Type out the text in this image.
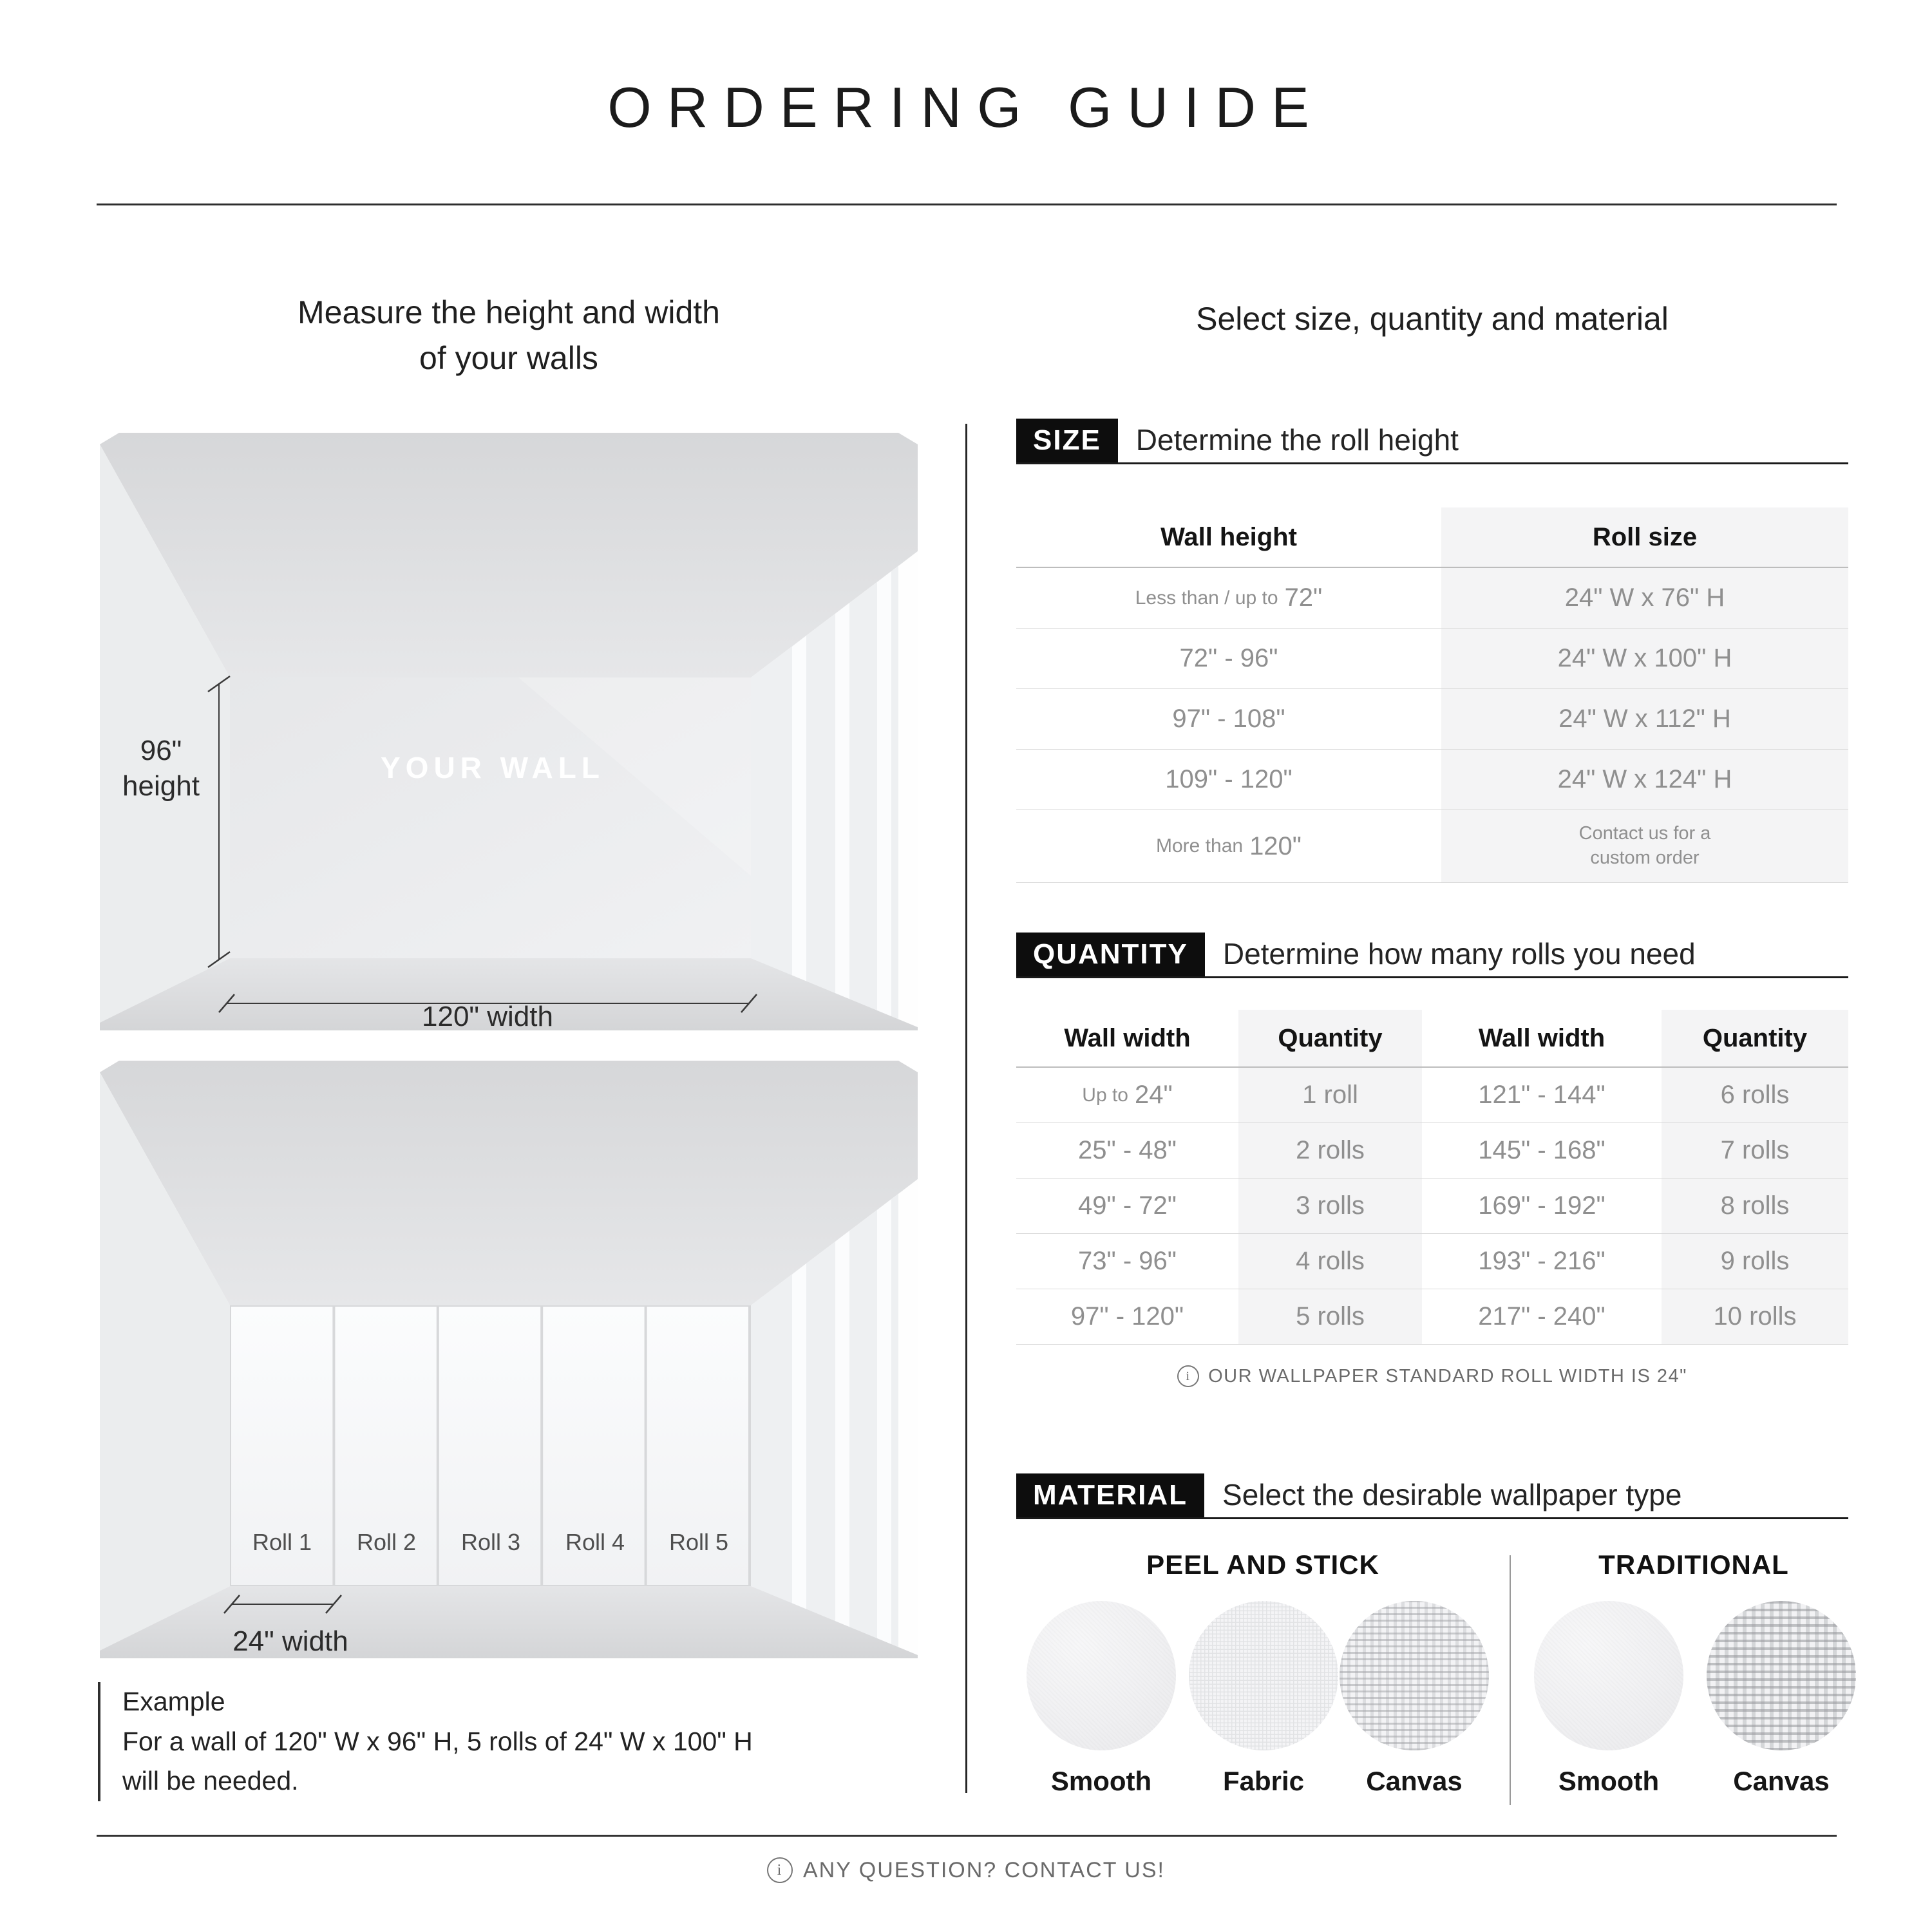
ORDERING GUIDE
Measure the height and width
of your walls
Select size, quantity and material
96"
height
YOUR WALL
120" width
Roll 1 Roll 2 Roll 3 Roll 4 Roll 5
24" width
Example
For a wall of 120" W x 96" H, 5 rolls of 24" W x 100" H
will be needed.
SIZE	Determine the roll height
Wall height	Roll size
Less than / up to 72"	24" W x 76" H
72" - 96"	24" W x 100" H
97" - 108"	24" W x 112" H
109" - 120"	24" W x 124" H
More than 120"	Contact us for a custom order
QUANTITY	Determine how many rolls you need
Wall width	Quantity	Wall width	Quantity
Up to 24"	1 roll	121" - 144"	6 rolls
25" - 48"	2 rolls	145" - 168"	7 rolls
49" - 72"	3 rolls	169" - 192"	8 rolls
73" - 96"	4 rolls	193" - 216"	9 rolls
97" - 120"	5 rolls	217" - 240"	10 rolls
i OUR WALLPAPER STANDARD ROLL WIDTH IS 24"
MATERIAL	Select the desirable wallpaper type
PEEL AND STICK	TRADITIONAL
Smooth	Fabric	Canvas	Smooth	Canvas
i ANY QUESTION? CONTACT US!
